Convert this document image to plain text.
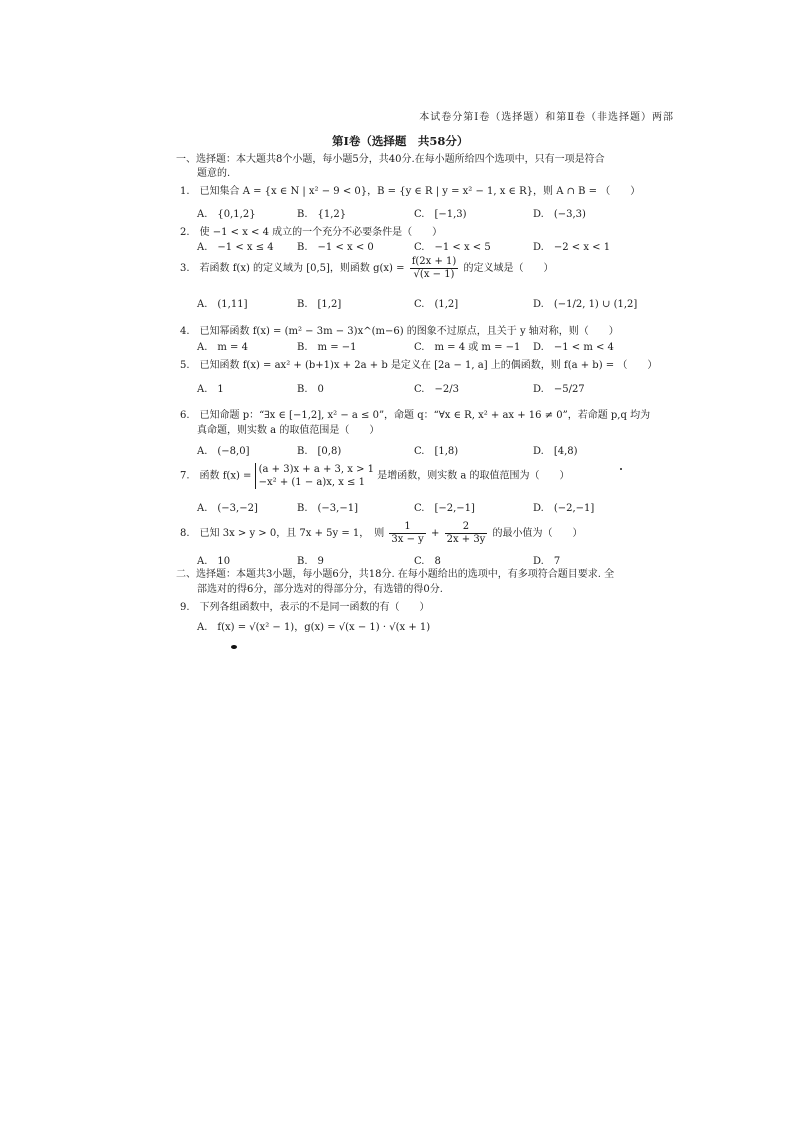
本试卷分第Ⅰ卷（选择题）和第Ⅱ卷（非选择题）两部
第Ⅰ卷（选择题　共58分）
一、选择题：本大题共8个小题，每小题5分，共40分.在每小题所给四个选项中，只有一项是符合
题意的.
1.　已知集合 A = {x ∈ N | x² − 9 < 0}，B = {y ∈ R | y = x² − 1, x ∈ R}，则 A ∩ B = （　　）
A.　{0,1,2}	B.　{1,2}	C.　[−1,3)	D.　(−3,3)
2.　使 −1 < x < 4 成立的一个充分不必要条件是（　　）
A.　−1 < x ≤ 4 B.　−1 < x < 0	C.　−1 < x < 5	D.　−2 < x < 1
3.　若函数 f(x) 的定义域为 [0,5]，则函数 $g(x) = \frac{f(2x + 1)}{√(x - 1)}$ 的定义域是（　　）
A.　(1,11]	B.　[1,2]	C.　(1,2]	D.　(−1/2, 1) ∪ (1,2]
4.　已知幂函数 f(x) = (m² − 3m − 3)x^(m−6) 的图象不过原点，且关于 y 轴对称，则（　　）
A.　m = 4	B.　m = −1	C.　m = 4 或 m = −1 D.　−1 < m < 4
5.　已知函数 f(x) = ax² + (b+1)x + 2a + b 是定义在 [2a − 1, a] 上的偶函数，则 f(a + b) = （　　）
A.　1	B.　0	C.　−2/3	D.　−5/27
6.　已知命题 p：“∃x ∈ [−1,2], x² − a ≤ 0”，命题 q：“∀x ∈ R, x² + ax + 16 ≠ 0”，若命题 p,q 均为
真命题，则实数 a 的取值范围是（　　）
A.　(−8,0]	B.　[0,8)	C.　[1,8)	D.　[4,8)
7.　函数 f(x) =
(a + 3)x + a + 3, x > 1
−x² + (1 − a)x, x ≤ 1
是增函数，则实数 a 的取值范围为（　　）
A.　(−3,−2]	B.　(−3,−1]	C.　[−2,−1]	D.　(−2,−1]
8.　已知 3x > y > 0，且 7x + 5y = 1，　则 $\frac{1}{3x - y} + \frac{2}{2x + 3y}$ 的最小值为（　　）
A.　10	B.　9	C.　8	D.　7
二、选择题：本题共3小题，每小题6分，共18分. 在每小题给出的选项中，有多项符合题目要求. 全
部选对的得6分，部分选对的得部分分，有选错的得0分.
9.　下列各组函数中，表示的不是同一函数的有（　　）
A.　f(x) = √(x² − 1)，g(x) = √(x − 1) · √(x + 1)
